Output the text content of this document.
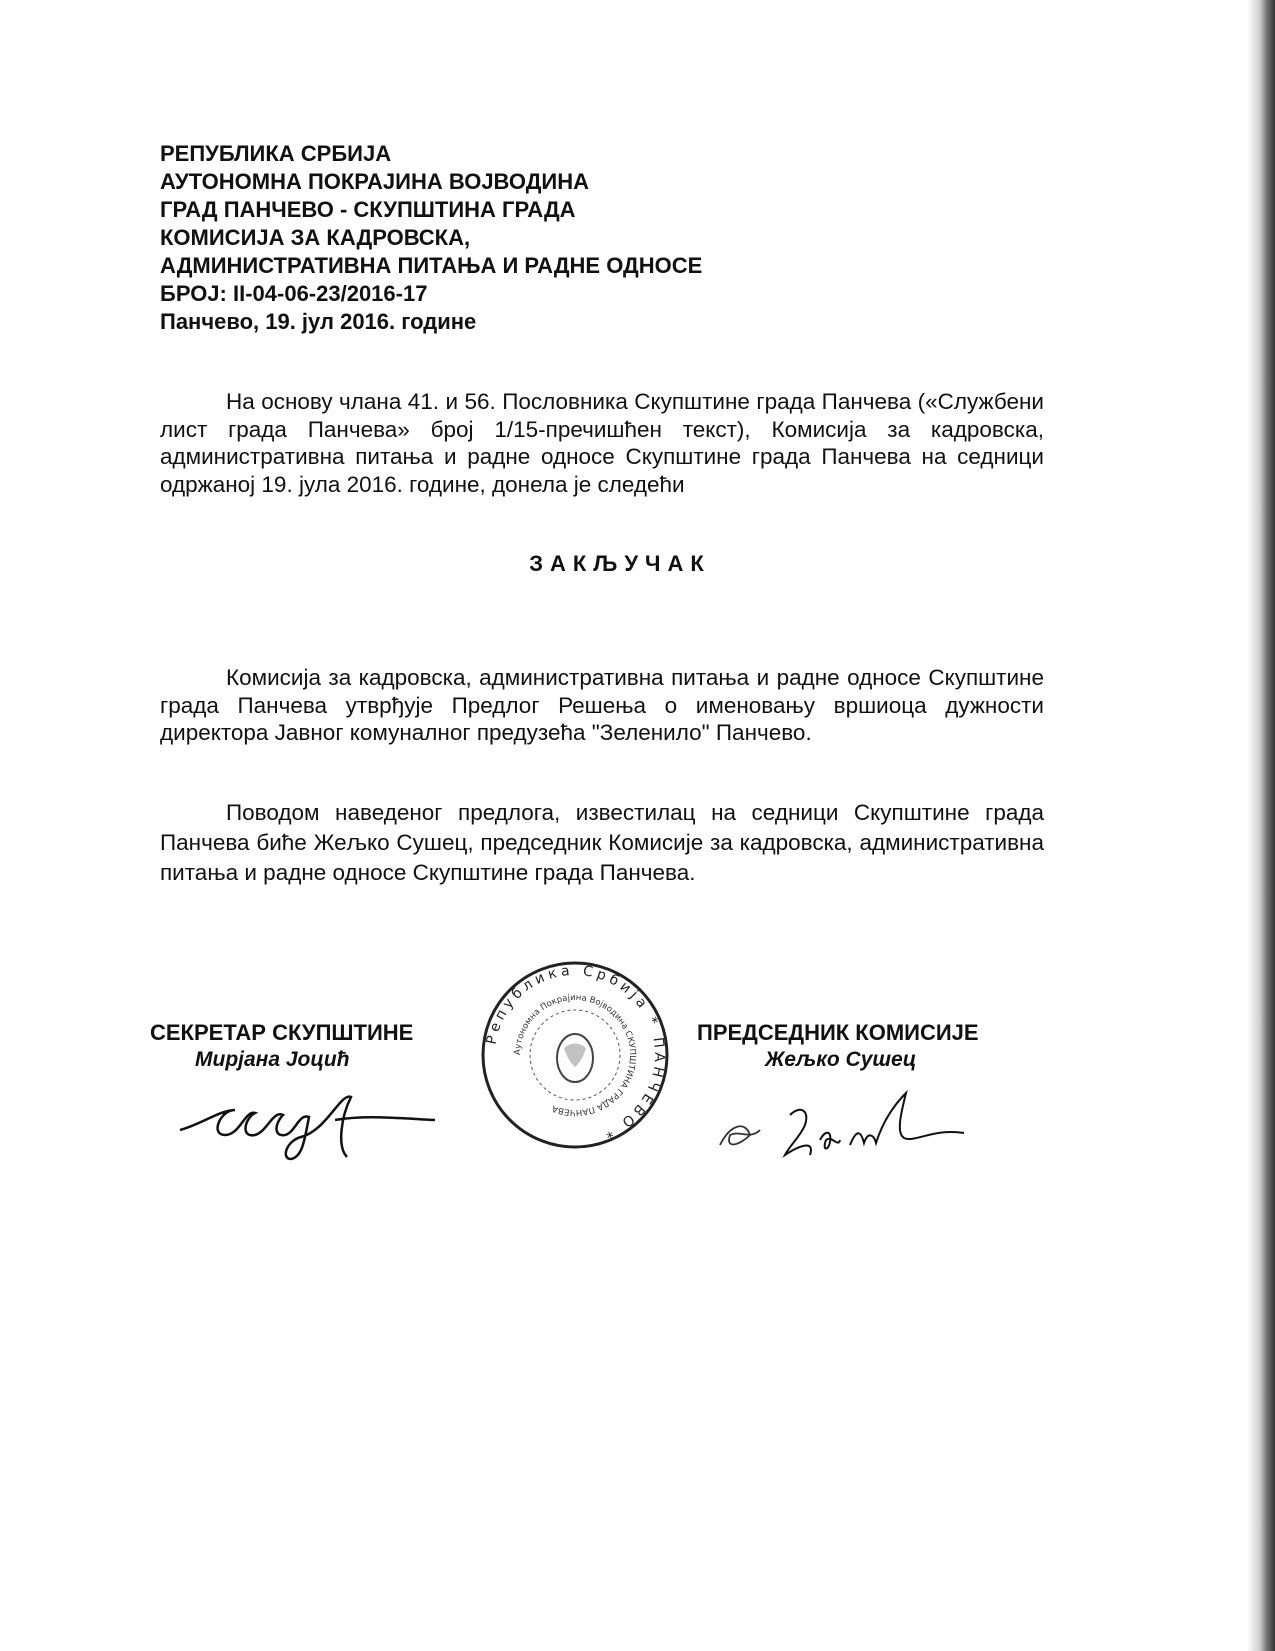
РЕПУБЛИКА СРБИЈА
АУТОНОМНА ПОКРАЈИНА ВОЈВОДИНА
ГРАД ПАНЧЕВО - СКУПШТИНА ГРАДА
КОМИСИЈА ЗА КАДРОВСКА,
АДМИНИСТРАТИВНА ПИТАЊА И РАДНЕ ОДНОСЕ
БРОЈ: II-04-06-23/2016-17
Панчево, 19. јул 2016. године
На основу члана 41. и 56. Пословника Скупштине града Панчева («Службени лист града Панчева» број 1/15-пречишћен текст), Комисија за кадровска, административна питања и радне односе Скупштине града Панчева на седници одржаној 19. јула 2016. године, донела је следећи
ЗАКЉУЧАК
Комисија за кадровска, административна питања и радне односе Скупштине града Панчева утврђује Предлог Решења о именовању вршиоца дужности директора Јавног комуналног предузећа "Зеленило" Панчево.
Поводом наведеног предлога, известилац на седници Скупштине града Панчева биће Жељко Сушец, председник Комисије за кадровска, административна питања и радне односе Скупштине града Панчева.
Република Србија * ПАНЧЕВО *
Аутономна Покрајина Војводина СКУПШТИНА ГРАДА ПАНЧЕВА
СЕКРЕТАР СКУПШТИНЕ
Мирјана Јоцић
ПРЕДСЕДНИК КОМИСИЈЕ
Жељко Сушец
